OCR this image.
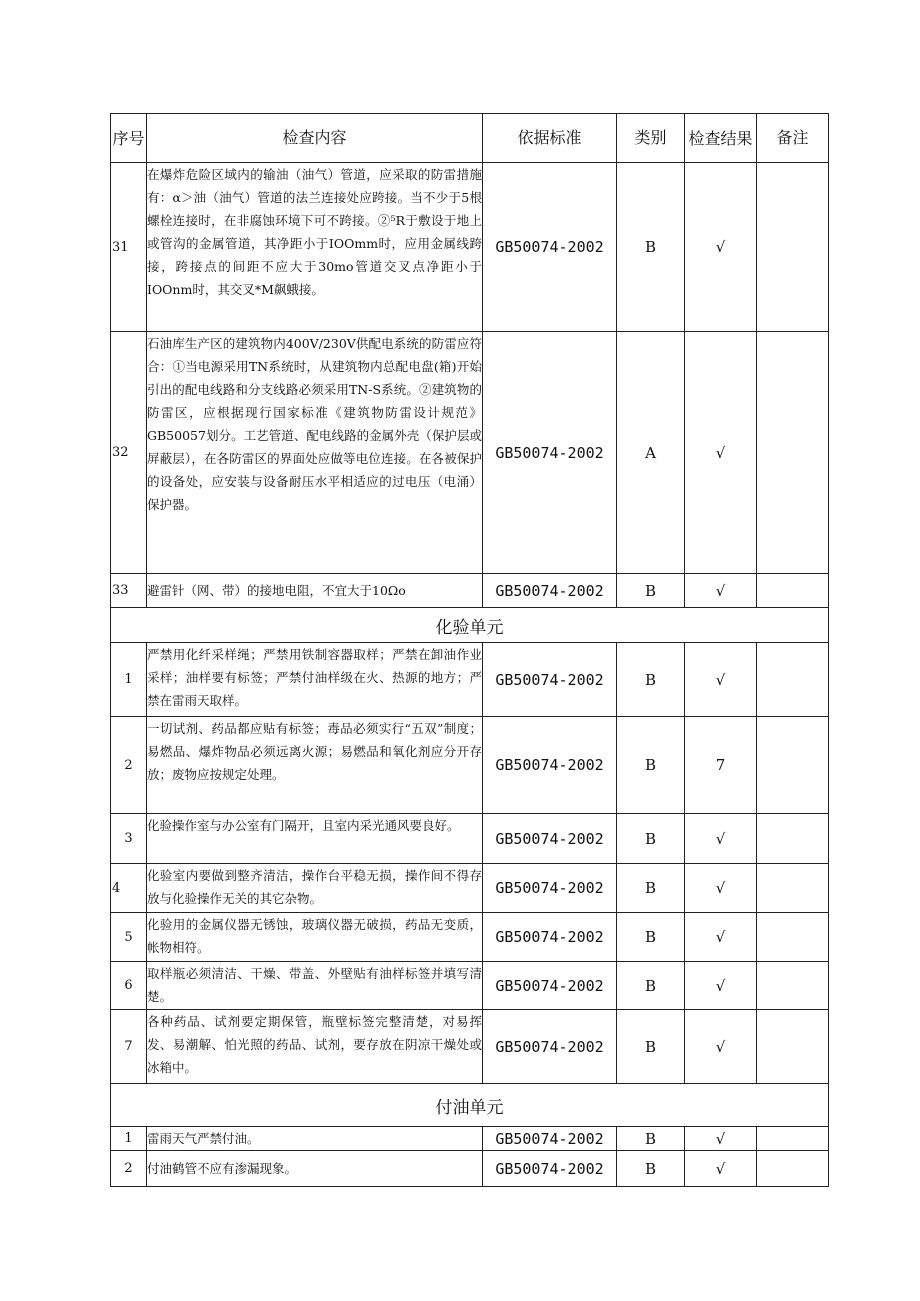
序号	检查内容	依据标准	类别	检查结果	备注
31	在爆炸危险区域内的输油（油气）管道，应采取的防雷措施有：α＞油（油气）管道的法兰连接处应跨接。当不少于5根螺栓连接时，在非腐蚀环境下可不跨接。②⁵R于敷设于地上或管沟的金属管道，其净距小于IOOmm时，应用金属线跨接，跨接点的间距不应大于30mo管道交叉点净距小于IOOnm时，其交叉*M飙蛾接。	GB50074-2002	B	√	
32	石油库生产区的建筑物内400V/230V供配电系统的防雷应符合：①当电源采用TN系统时，从建筑物内总配电盘(箱)开始引出的配电线路和分支线路必须采用TN-S系统。②建筑物的防雷区，应根据现行国家标准《建筑物防雷设计规范》GB50057划分。工艺管道、配电线路的金属外壳（保护层或屏蔽层），在各防雷区的界面处应做等电位连接。在各被保护的设备处，应安装与设备耐压水平相适应的过电压（电涌）保护器。	GB50074-2002	A	√	
33	避雷针（网、带）的接地电阻，不宜大于10Ωo	GB50074-2002	B	√	
化验单元					
1	严禁用化纤采样绳；严禁用铁制容器取样；严禁在卸油作业采样；油样要有标签；严禁付油样级在火、热源的地方；严禁在雷雨天取样。	GB50074-2002	B	√	
2	一切试剂、药品都应贴有标签；毒品必须实行“五双”制度；易燃品、爆炸物品必须远离火源；易燃品和氧化剂应分开存放；废物应按规定处理。	GB50074-2002	B	7	
3	化验操作室与办公室有门隔开，且室内采光通风要良好。	GB50074-2002	B	√	
4	化验室内要做到整齐清洁，操作台平稳无损，操作间不得存放与化验操作无关的其它杂物。	GB50074-2002	B	√	
5	化验用的金属仪器无锈蚀，玻璃仪器无破损，药品无变质，帐物相符。	GB50074-2002	B	√	
6	取样瓶必须清洁、干燥、带盖、外壁贴有油样标签并填写清楚。	GB50074-2002	B	√	
7	各种药品、试剂要定期保管，瓶壁标签完整清楚，对易挥发、易潮解、怕光照的药品、试剂，要存放在阴凉干燥处或冰箱中。	GB50074-2002	B	√	
付油单元					
1	雷雨天气严禁付油。	GB50074-2002	B	√	
2	付油鹤管不应有渗漏现象。	GB50074-2002	B	√	
